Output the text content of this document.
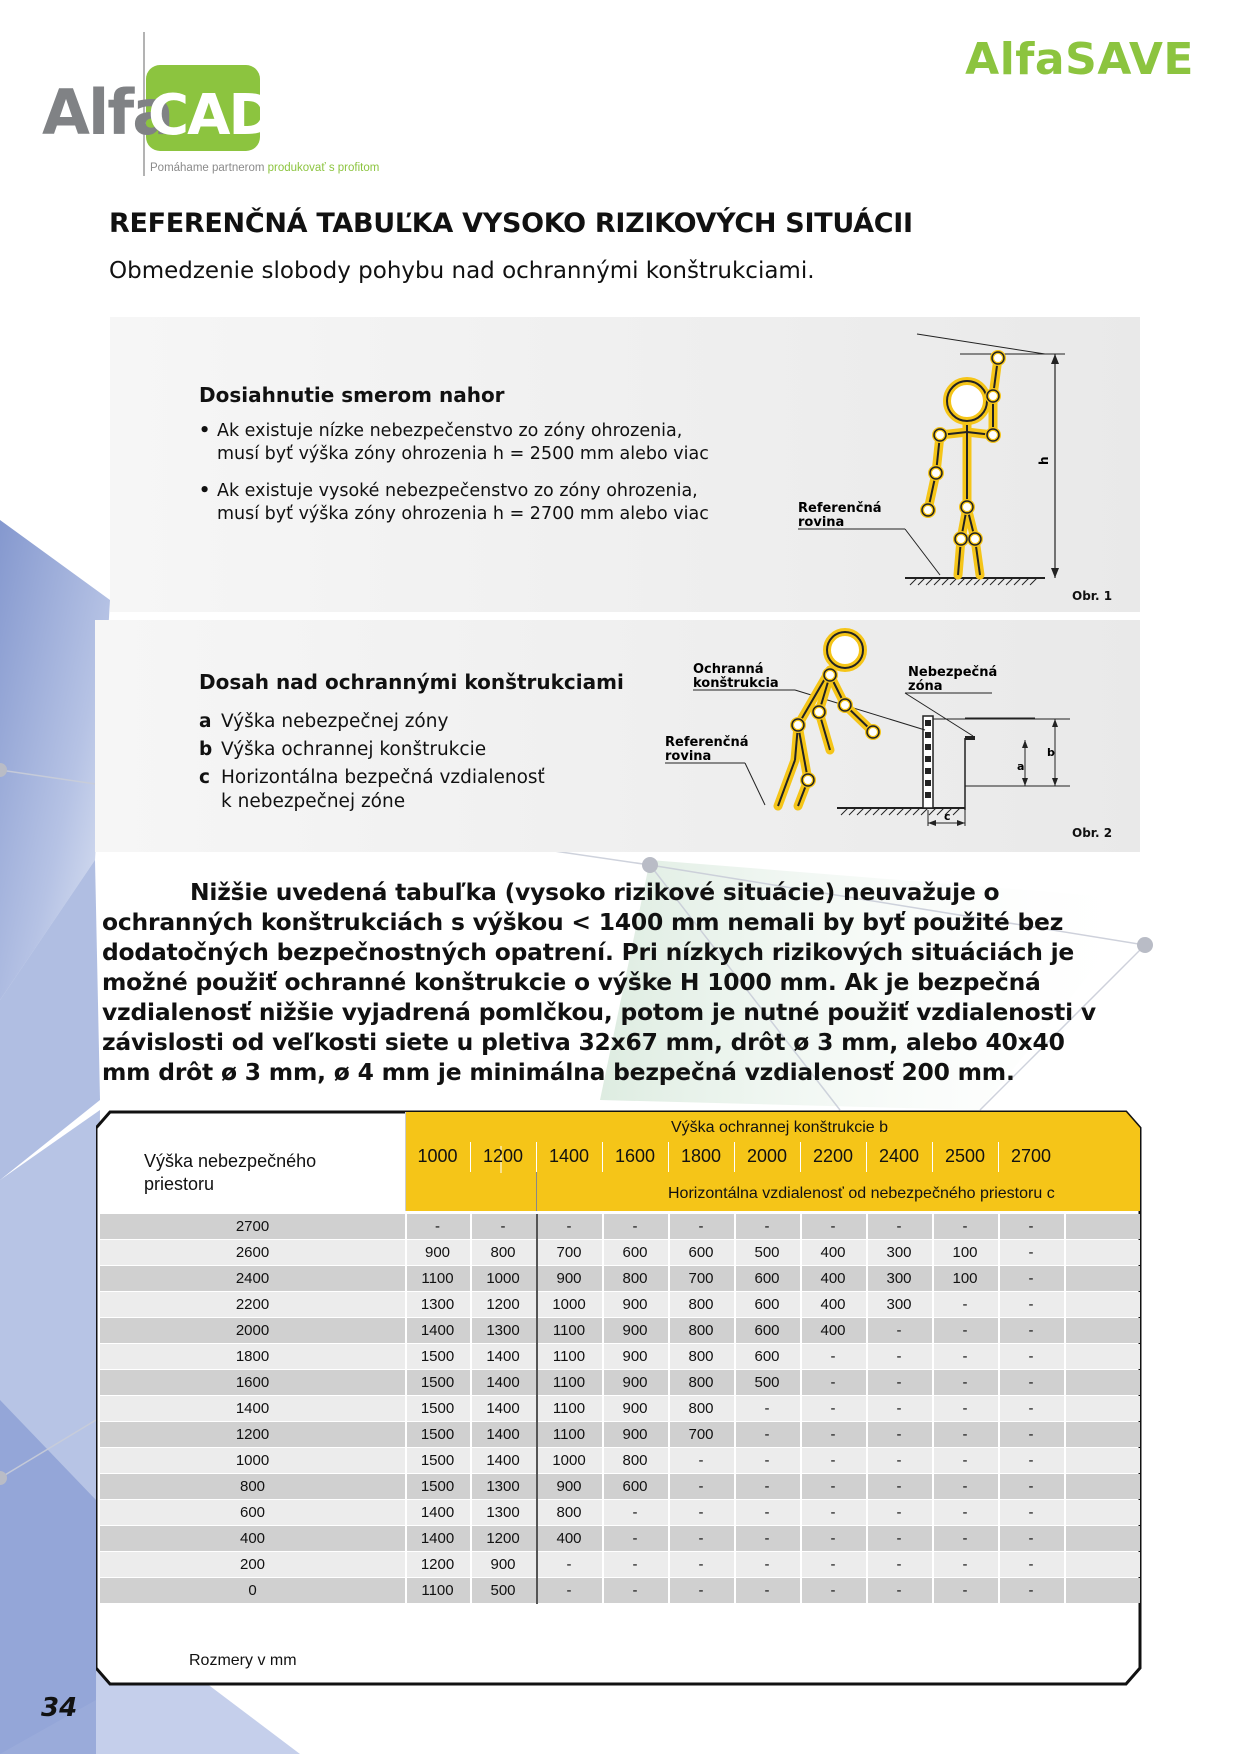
Alfa
CAD
Pomáhame partnerom produkovať s profitom
AlfaSAVE
REFERENČNÁ TABUĽKA VYSOKO RIZIKOVÝCH SITUÁCII
Obmedzenie slobody pohybu nad ochrannými konštrukciami.
Dosiahnutie smerom nahor
• Ak existuje nízke nebezpečenstvo zo zóny ohrozenia,
musí byť výška zóny ohrozenia h = 2500 mm alebo viac
• Ak existuje vysoké nebezpečenstvo zo zóny ohrozenia,
musí byť výška zóny ohrozenia h = 2700 mm alebo viac
h
Referenčná
rovina
Obr. 1
Dosah nad ochrannými konštrukciami
a Výška nebezpečnej zóny
b Výška ochrannej konštrukcie
c Horizontálna bezpečná vzdialenosť
k nebezpečnej zóne
a
b
c
Ochranná
konštrukcia
Nebezpečná
zóna
Referenčná
rovina
Obr. 2
Nižšie uvedená tabuľka (vysoko rizikové situácie) neuvažuje o ochranných konštrukciách s výškou < 1400 mm nemali by byť použité bez dodatočných bezpečnostných opatrení. Pri nízkych rizikových situáciách je možné použiť ochranné konštrukcie o výške H 1000 mm. Ak je bezpečná vzdialenosť nižšie vyjadrená pomlčkou, potom je nutné použiť vzdialenosti v závislosti od veľkosti siete u pletiva 32x67 mm, drôt ø 3 mm, alebo 40x40 mm drôt ø 3 mm, ø 4 mm je minimálna bezpečná vzdialenosť 200 mm.
1000	1200	1400	1600	1800	2000	2200	2400	2500	2700
2700	-	-	-	-	-	-	-	-	-	-
2600	900	800	700	600	600	500	400	300	100	-
2400	1100	1000	900	800	700	600	400	300	100	-
2200	1300	1200	1000	900	800	600	400	300	-	-
2000	1400	1300	1100	900	800	600	400	-	-	-
1800	1500	1400	1100	900	800	600	-	-	-	-
1600	1500	1400	1100	900	800	500	-	-	-	-
1400	1500	1400	1100	900	800	-	-	-	-	-
1200	1500	1400	1100	900	700	-	-	-	-	-
1000	1500	1400	1000	800	-	-	-	-	-	-
800	1500	1300	900	600	-	-	-	-	-	-
600	1400	1300	800	-	-	-	-	-	-	-
400	1400	1200	400	-	-	-	-	-	-	-
200	1200	900	-	-	-	-	-	-	-	-
0	1100	500	-	-	-	-	-	-	-	-
Výška nebezpečného
priestoru
Výška ochrannej konštrukcie b
Horizontálna vzdialenosť od nebezpečného priestoru c
Rozmery v mm
34
